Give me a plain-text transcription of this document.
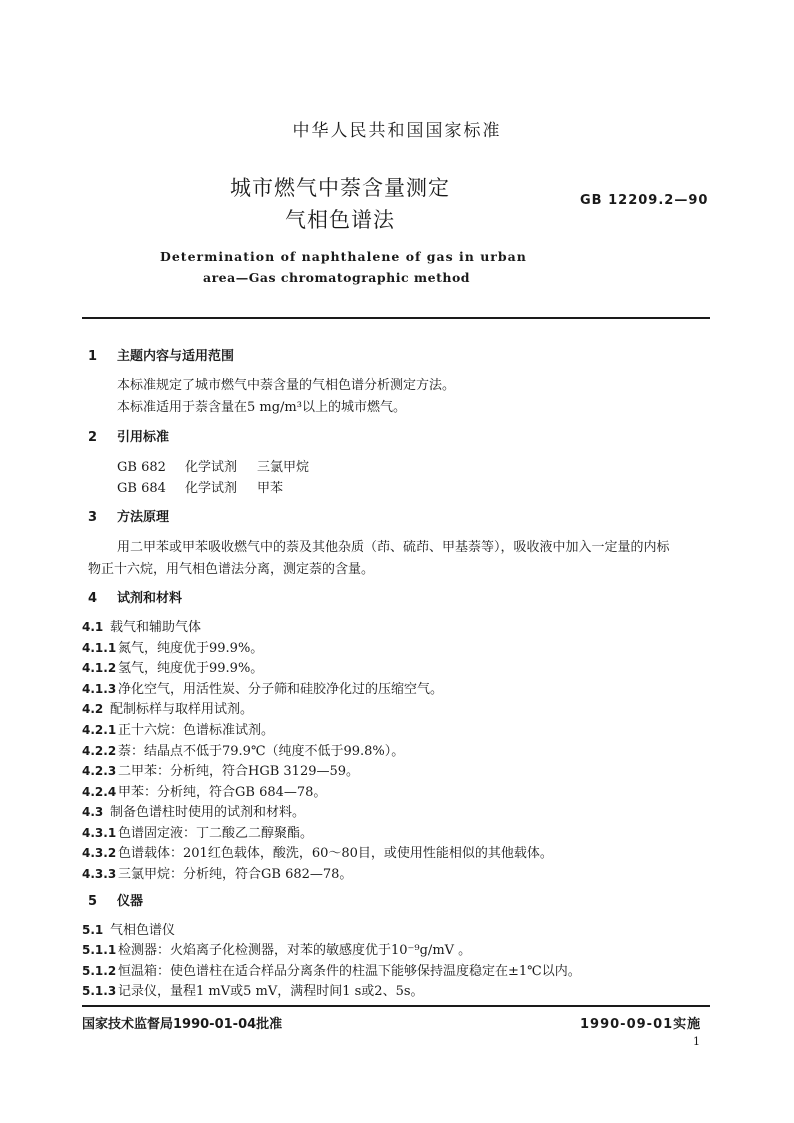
中华人民共和国国家标准
城市燃气中萘含量测定
气相色谱法
GB 12209.2—90
Determination of naphthalene of gas in urban
area—Gas chromatographic method
1 主题内容与适用范围
本标准规定了城市燃气中萘含量的气相色谱分析测定方法。
本标准适用于萘含量在5 mg/m³以上的城市燃气。
2 引用标准
GB 682 化学试剂 三氯甲烷
GB 684 化学试剂 甲苯
3 方法原理
用二甲苯或甲苯吸收燃气中的萘及其他杂质（茚、硫茚、甲基萘等），吸收液中加入一定量的内标
物正十六烷，用气相色谱法分离，测定萘的含量。
4 试剂和材料
4.1 载气和辅助气体
4.1.1 氮气，纯度优于99.9%。
4.1.2 氢气，纯度优于99.9%。
4.1.3 净化空气，用活性炭、分子筛和硅胶净化过的压缩空气。
4.2 配制标样与取样用试剂。
4.2.1 正十六烷：色谱标准试剂。
4.2.2 萘：结晶点不低于79.9℃（纯度不低于99.8%）。
4.2.3 二甲苯：分析纯，符合HGB 3129—59。
4.2.4 甲苯：分析纯，符合GB 684—78。
4.3 制备色谱柱时使用的试剂和材料。
4.3.1 色谱固定液：丁二酸乙二醇聚酯。
4.3.2 色谱载体：201红色载体，酸洗，60～80目，或使用性能相似的其他载体。
4.3.3 三氯甲烷：分析纯，符合GB 682—78。
5 仪器
5.1 气相色谱仪
5.1.1 检测器：火焰离子化检测器，对苯的敏感度优于10⁻⁹g/mV 。
5.1.2 恒温箱：使色谱柱在适合样品分离条件的柱温下能够保持温度稳定在±1℃以内。
5.1.3 记录仪，量程1 mV或5 mV，满程时间1 s或2、5s。
国家技术监督局1990-01-04批准	1990-09-01实施
1
